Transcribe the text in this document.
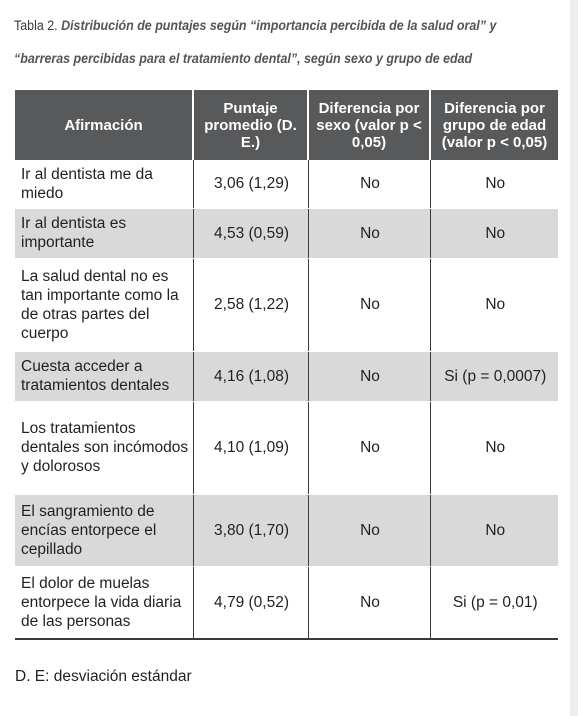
Tabla 2. Distribución de puntajes según “importancia percibida de la salud oral” y “barreras percibidas para el tratamiento dental”, según sexo y grupo de edad
Afirmación	Puntaje promedio (D. E.)	Diferencia por sexo (valor p < 0,05)	Diferencia por grupo de edad (valor p < 0,05)
Ir al dentista me da miedo	3,06 (1,29)	No	No
Ir al dentista es importante	4,53 (0,59)	No	No
La salud dental no es tan importante como la de otras partes del cuerpo	2,58 (1,22)	No	No
Cuesta acceder a tratamientos dentales	4,16 (1,08)	No	Si (p = 0,0007)
Los tratamientos dentales son incómodos y dolorosos	4,10 (1,09)	No	No
El sangramiento de encías entorpece el cepillado	3,80 (1,70)	No	No
El dolor de muelas entorpece la vida diaria de las personas	4,79 (0,52)	No	Si (p = 0,01)
D. E: desviación estándar
